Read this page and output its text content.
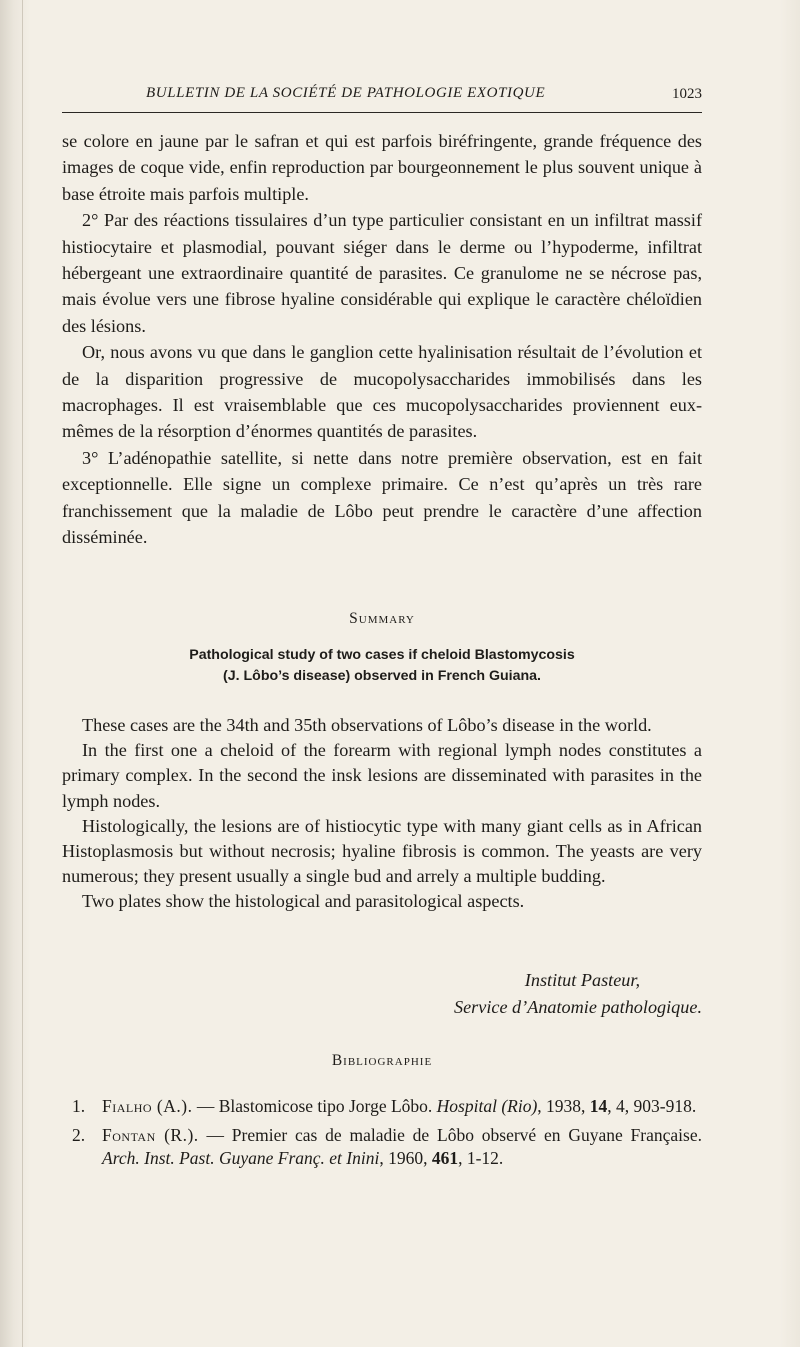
BULLETIN DE LA SOCIÉTÉ DE PATHOLOGIE EXOTIQUE	1023

se colore en jaune par le safran et qui est parfois biréfringente, grande fréquence des images de coque vide, enfin reproduction par bourgeonnement le plus souvent unique à base étroite mais parfois multiple.

2° Par des réactions tissulaires d’un type particulier consistant en un infiltrat massif histiocytaire et plasmodial, pouvant siéger dans le derme ou l’hypoderme, infiltrat hébergeant une extraordinaire quantité de parasites. Ce granulome ne se nécrose pas, mais évolue vers une fibrose hyaline considérable qui explique le caractère chéloïdien des lésions.

Or, nous avons vu que dans le ganglion cette hyalinisation résultait de l’évolution et de la disparition progressive de mucopolysaccharides immobilisés dans les macrophages. Il est vraisemblable que ces mucopolysaccharides proviennent eux-mêmes de la résorption d’énormes quantités de parasites.

3° L’adénopathie satellite, si nette dans notre première observation, est en fait exceptionnelle. Elle signe un complexe primaire. Ce n’est qu’après un très rare franchissement que la maladie de Lôbo peut prendre le caractère d’une affection disséminée.

Summary
Pathological study of two cases if cheloid Blastomycosis
(J. Lôbo’s disease) observed in French Guiana.

These cases are the 34th and 35th observations of Lôbo’s disease in the world.

In the first one a cheloid of the forearm with regional lymph nodes constitutes a primary complex. In the second the insk lesions are disseminated with parasites in the lymph nodes.

Histologically, the lesions are of histiocytic type with many giant cells as in African Histoplasmosis but without necrosis; hyaline fibrosis is common. The yeasts are very numerous; they present usually a single bud and arrely a multiple budding.

Two plates show the histological and parasitological aspects.

Institut Pasteur,
Service d’Anatomie pathologique.
Bibliographie
1. Fialho (A.). — Blastomicose tipo Jorge Lôbo. Hospital (Rio), 1938, 14, 4, 903-918.
2. Fontan (R.). — Premier cas de maladie de Lôbo observé en Guyane Française. Arch. Inst. Past. Guyane Franç. et Inini, 1960, 461, 1-12.
